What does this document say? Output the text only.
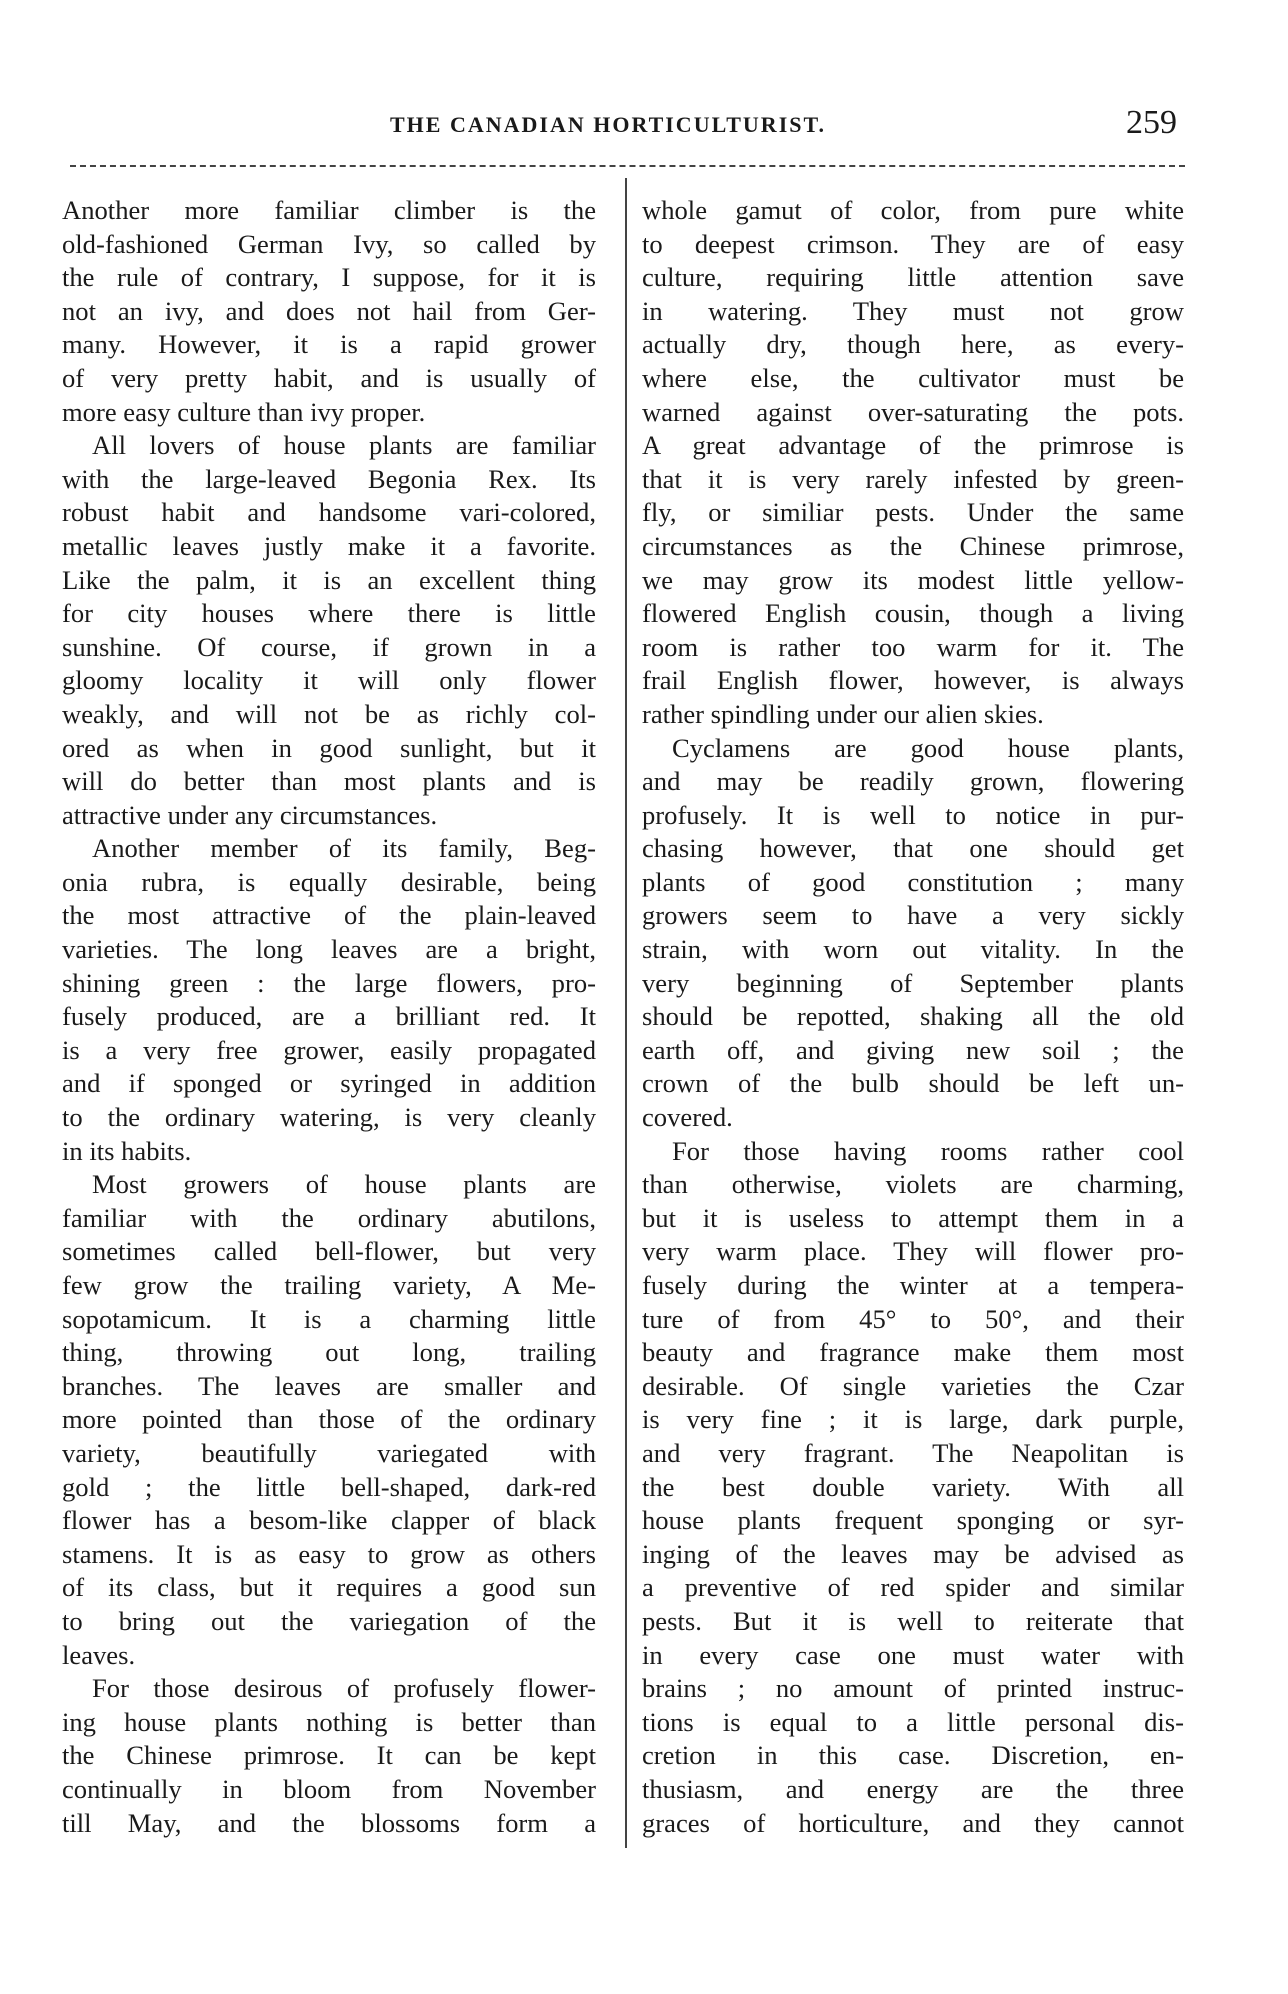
THE CANADIAN HORTICULTURIST.	259
Another more familiar climber is the
old-fashioned German Ivy, so called by
the rule of contrary, I suppose, for it is
not an ivy, and does not hail from Ger-
many. However, it is a rapid grower
of very pretty habit, and is usually of
more easy culture than ivy proper.
All lovers of house plants are familiar
with the large-leaved Begonia Rex. Its
robust habit and handsome vari-colored,
metallic leaves justly make it a favorite.
Like the palm, it is an excellent thing
for city houses where there is little
sunshine. Of course, if grown in a
gloomy locality it will only flower
weakly, and will not be as richly col-
ored as when in good sunlight, but it
will do better than most plants and is
attractive under any circumstances.
Another member of its family, Beg-
onia rubra, is equally desirable, being
the most attractive of the plain-leaved
varieties. The long leaves are a bright,
shining green : the large flowers, pro-
fusely produced, are a brilliant red. It
is a very free grower, easily propagated
and if sponged or syringed in addition
to the ordinary watering, is very cleanly
in its habits.
Most growers of house plants are
familiar with the ordinary abutilons,
sometimes called bell-flower, but very
few grow the trailing variety, A Me-
sopotamicum. It is a charming little
thing, throwing out long, trailing
branches. The leaves are smaller and
more pointed than those of the ordinary
variety, beautifully variegated with
gold ; the little bell-shaped, dark-red
flower has a besom-like clapper of black
stamens. It is as easy to grow as others
of its class, but it requires a good sun
to bring out the variegation of the
leaves.
For those desirous of profusely flower-
ing house plants nothing is better than
the Chinese primrose. It can be kept
continually in bloom from November
till May, and the blossoms form a
whole gamut of color, from pure white
to deepest crimson. They are of easy
culture, requiring little attention save
in watering. They must not grow
actually dry, though here, as every-
where else, the cultivator must be
warned against over-saturating the pots.
A great advantage of the primrose is
that it is very rarely infested by green-
fly, or similiar pests. Under the same
circumstances as the Chinese primrose,
we may grow its modest little yellow-
flowered English cousin, though a living
room is rather too warm for it. The
frail English flower, however, is always
rather spindling under our alien skies.
Cyclamens are good house plants,
and may be readily grown, flowering
profusely. It is well to notice in pur-
chasing however, that one should get
plants of good constitution ; many
growers seem to have a very sickly
strain, with worn out vitality. In the
very beginning of September plants
should be repotted, shaking all the old
earth off, and giving new soil ; the
crown of the bulb should be left un-
covered.
For those having rooms rather cool
than otherwise, violets are charming,
but it is useless to attempt them in a
very warm place. They will flower pro-
fusely during the winter at a tempera-
ture of from 45° to 50°, and their
beauty and fragrance make them most
desirable. Of single varieties the Czar
is very fine ; it is large, dark purple,
and very fragrant. The Neapolitan is
the best double variety. With all
house plants frequent sponging or syr-
inging of the leaves may be advised as
a preventive of red spider and similar
pests. But it is well to reiterate that
in every case one must water with
brains ; no amount of printed instruc-
tions is equal to a little personal dis-
cretion in this case. Discretion, en-
thusiasm, and energy are the three
graces of horticulture, and they cannot
